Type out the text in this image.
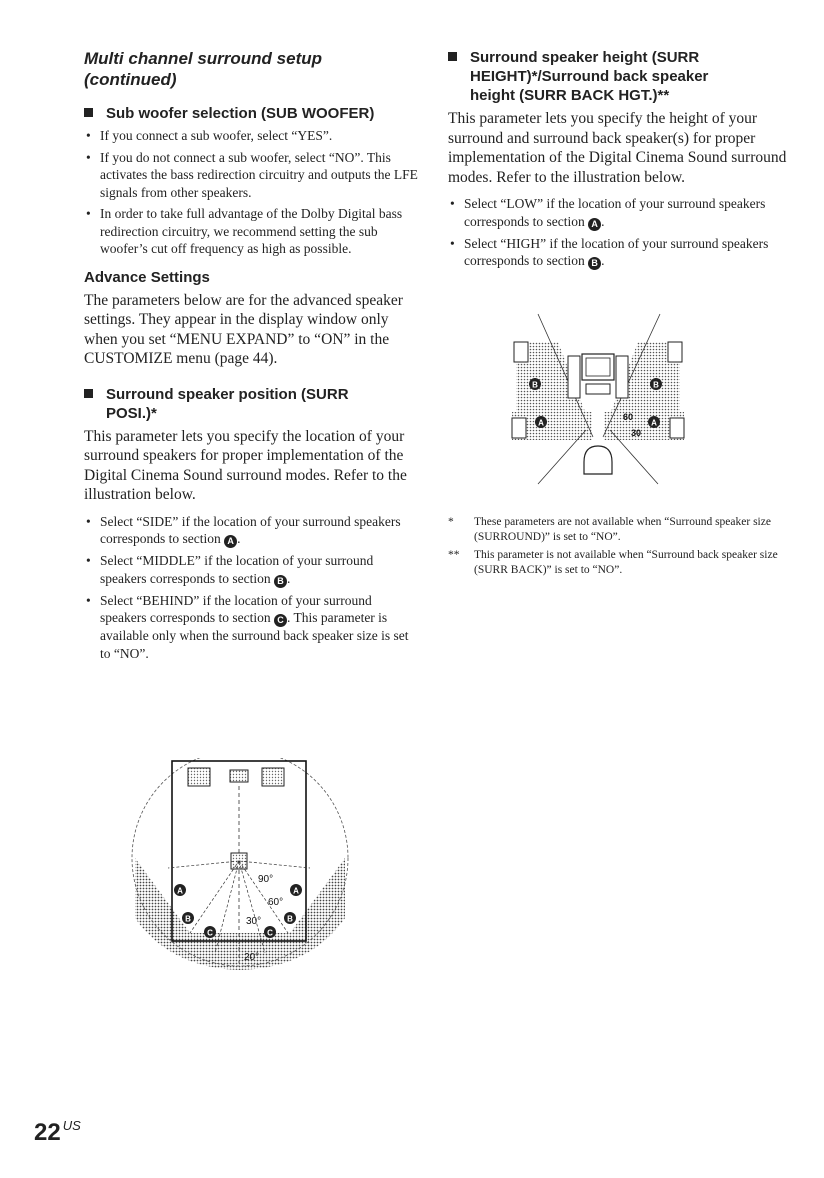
Multi channel surround setup
(continued)
Sub woofer selection (SUB WOOFER)
• If you connect a sub woofer, select “YES”.
• If you do not connect a sub woofer, select “NO”. This activates the bass redirection circuitry and outputs the LFE signals from other speakers.
• In order to take full advantage of the Dolby Digital bass redirection circuitry, we recommend setting the sub woofer’s cut off frequency as high as possible.
Advance Settings
The parameters below are for the advanced speaker settings. They appear in the display window only when you set “MENU EXPAND” to “ON” in the CUSTOMIZE menu (page 44).
Surround speaker position (SURR
POSI.)*
This parameter lets you specify the location of your surround speakers for proper implementation of the Digital Cinema Sound surround modes. Refer to the illustration below.
• Select “SIDE” if the location of your surround speakers corresponds to section A .
• Select “MIDDLE” if the location of your surround speakers corresponds to section B .
• Select “BEHIND” if the location of your surround speakers corresponds to section C . This parameter is available only when the surround back speaker size is set to “NO”.
90°
60°
30°
20°
A	A
B	B
C	C
Surround speaker height (SURR
HEIGHT)*/Surround back speaker
height (SURR BACK HGT.)**
This parameter lets you specify the height of your surround and surround back speaker(s) for proper implementation of the Digital Cinema Sound surround modes. Refer to the illustration below.
• Select “LOW” if the location of your surround speakers corresponds to section A .
• Select “HIGH” if the location of your surround speakers corresponds to section B .
60
30
B	B
A	A
* These parameters are not available when “Surround speaker size (SURROUND)” is set to “NO”.
** This parameter is not available when “Surround back speaker size (SURR BACK)” is set to “NO”.
22 $^{US}$
